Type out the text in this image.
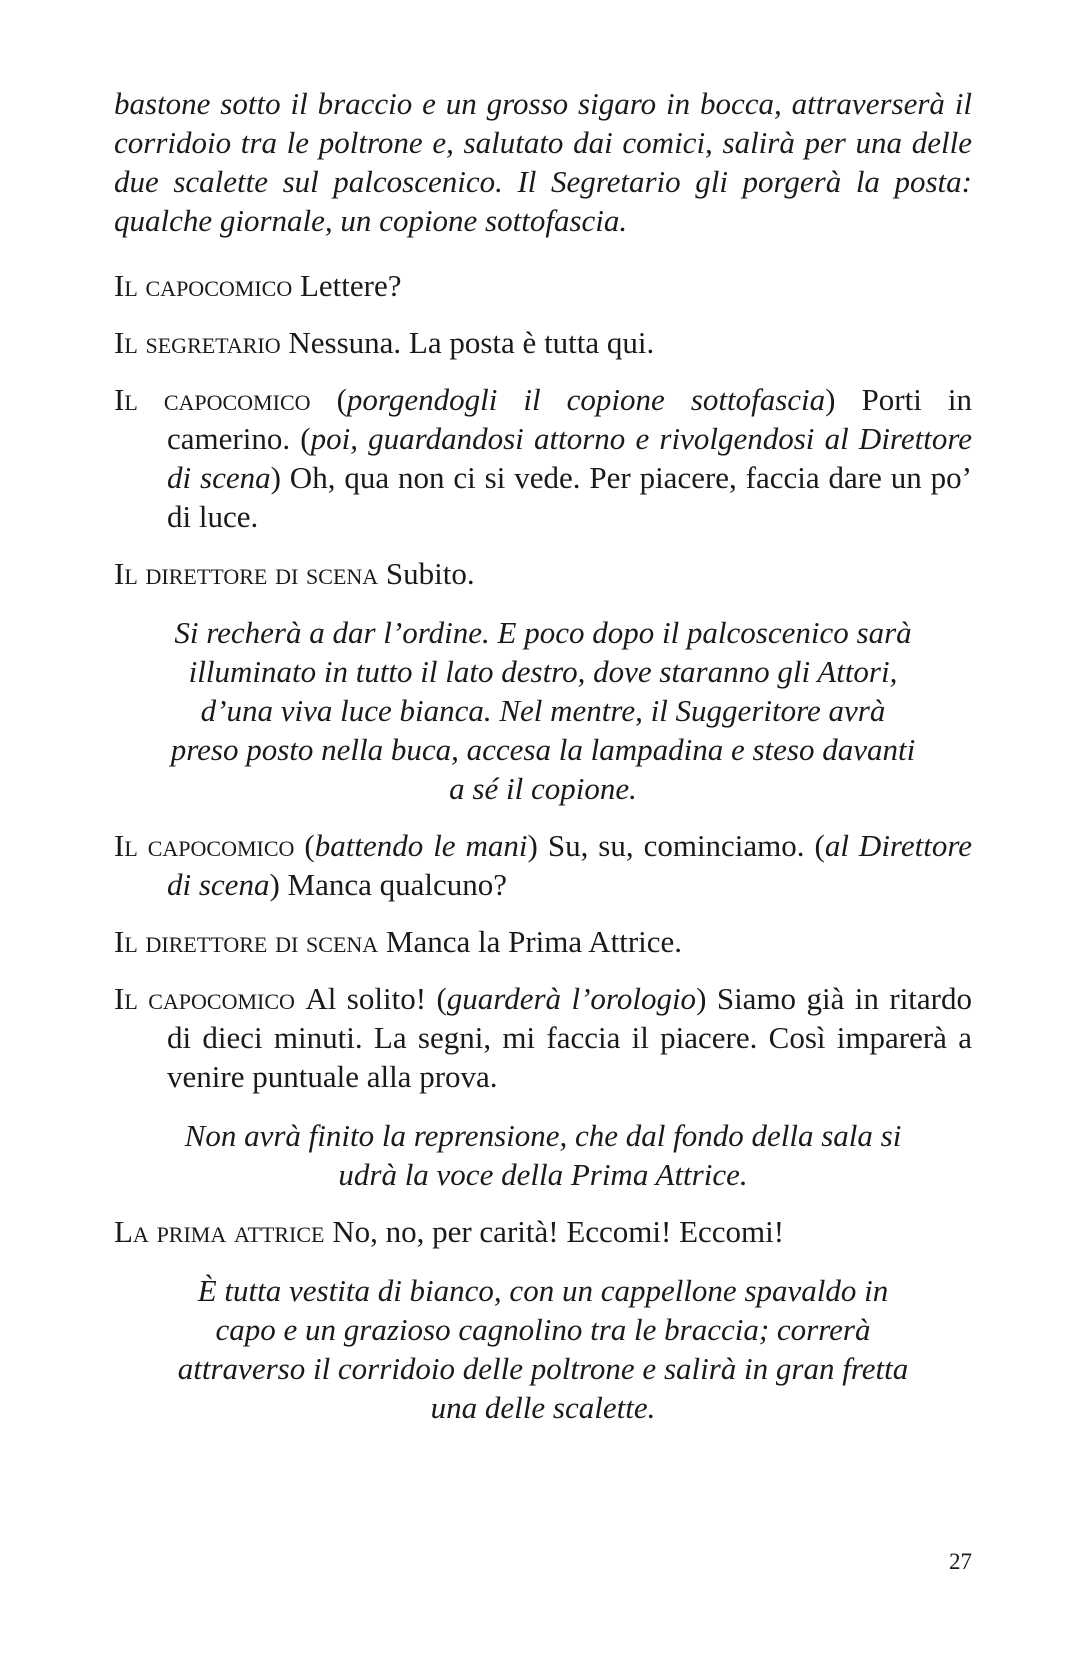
bastone sotto il braccio e un grosso sigaro in bocca, attraverserà il corridoio tra le poltrone e, salutato dai comici, salirà per una delle due scalette sul palcoscenico. Il Segretario gli porgerà la posta: qualche giornale, un copione sottofascia.

Il capocomico Lettere?

Il segretario Nessuna. La posta è tutta qui.

Il capocomico (porgendogli il copione sottofascia) Porti in camerino. (poi, guardandosi attorno e rivolgendosi al Direttore di scena) Oh, qua non ci si vede. Per piacere, faccia dare un po’ di luce.

Il direttore di scena Subito.

Si recherà a dar l’ordine. E poco dopo il palcoscenico sarà illuminato in tutto il lato destro, dove staranno gli Attori, d’una viva luce bianca. Nel mentre, il Suggeritore avrà preso posto nella buca, accesa la lampadina e steso davanti a sé il copione.

Il capocomico (battendo le mani) Su, su, cominciamo. (al Direttore di scena) Manca qualcuno?

Il direttore di scena Manca la Prima Attrice.

Il capocomico Al solito! (guarderà l’orologio) Siamo già in ritardo di dieci minuti. La segni, mi faccia il piacere. Così imparerà a venire puntuale alla prova.

Non avrà finito la reprensione, che dal fondo della sala si udrà la voce della Prima Attrice.

La prima attrice No, no, per carità! Eccomi! Eccomi!

È tutta vestita di bianco, con un cappellone spavaldo in capo e un grazioso cagnolino tra le braccia; correrà attraverso il corridoio delle poltrone e salirà in gran fretta una delle scalette.

27
